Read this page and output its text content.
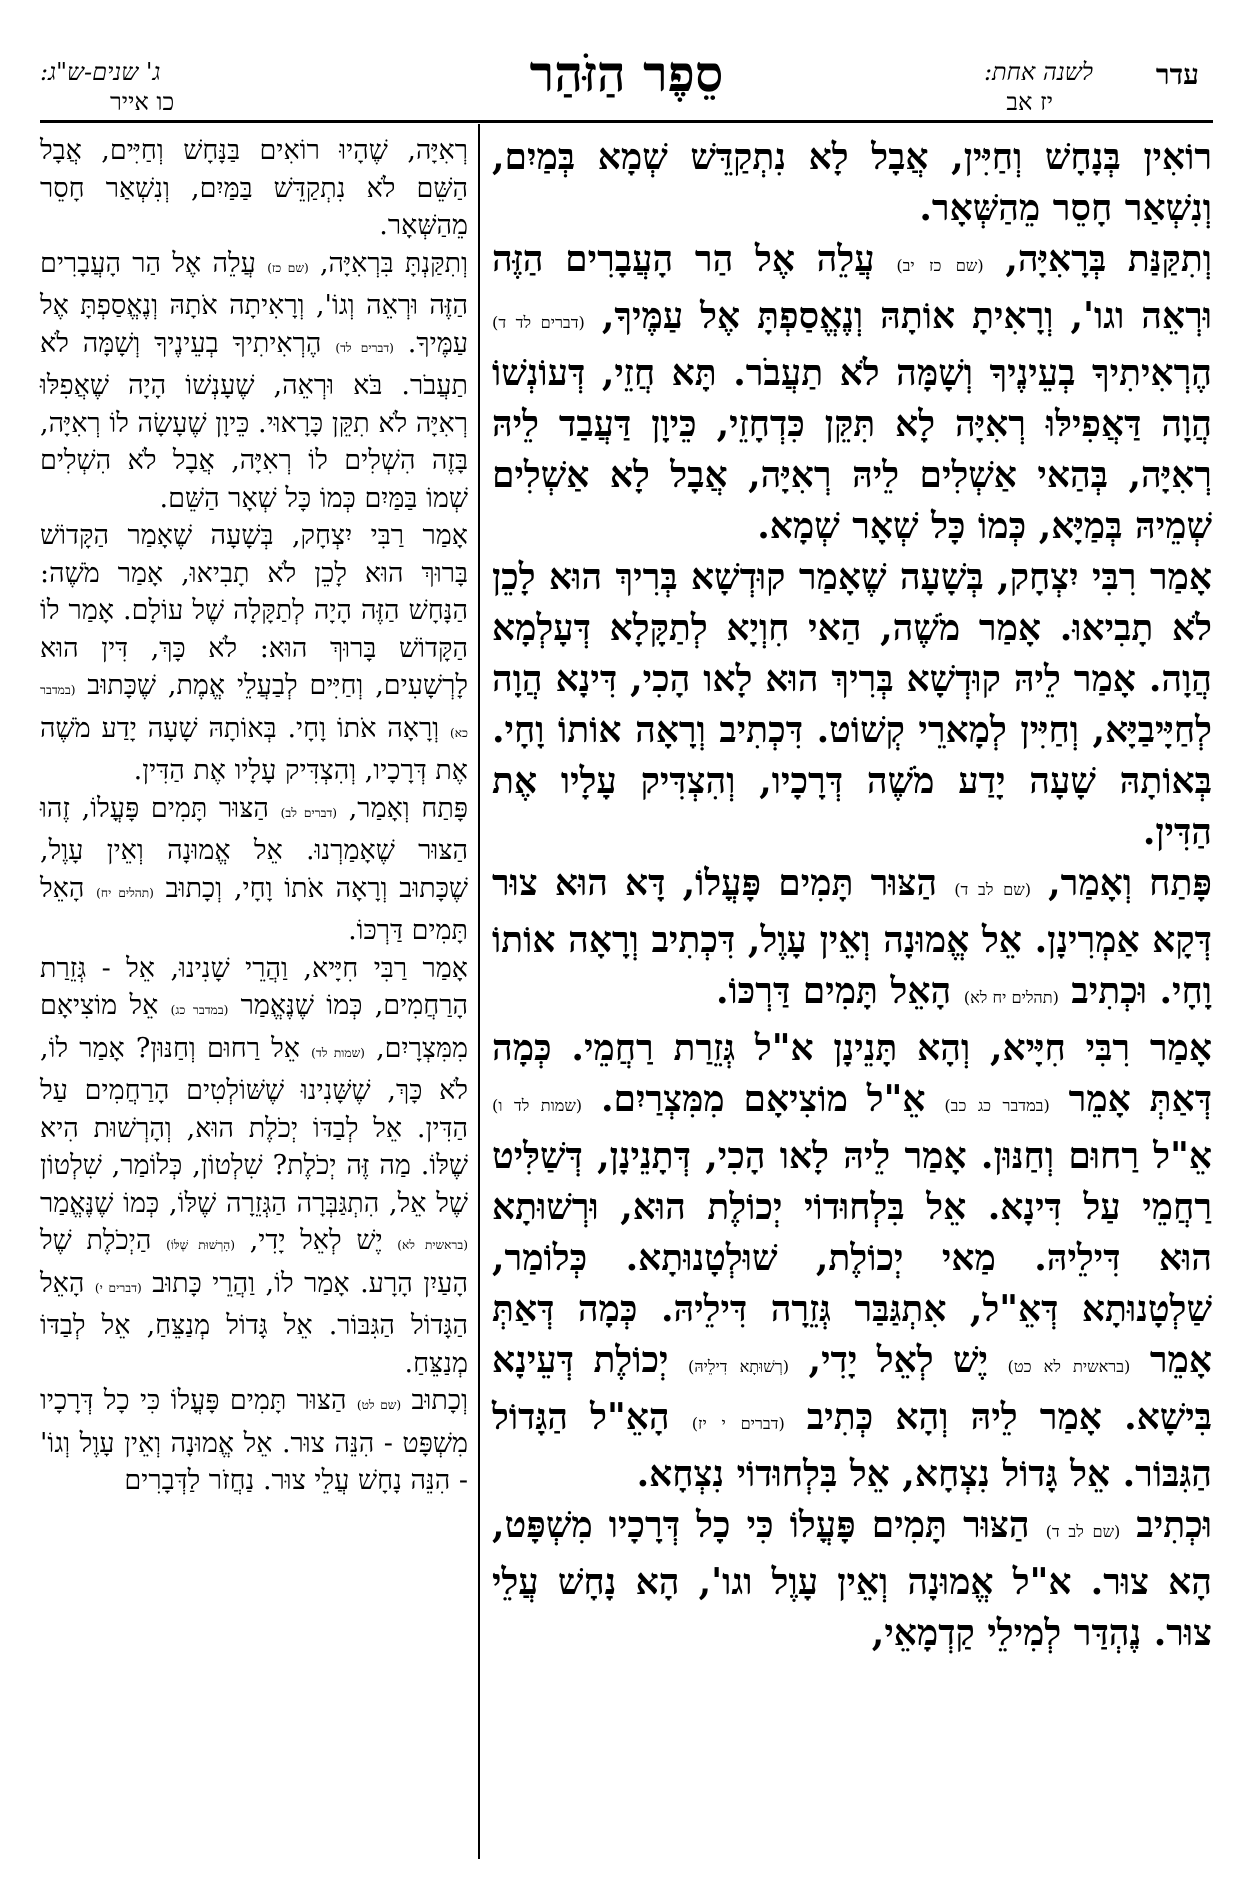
עדר
לשנה אחת:
יז אב
סֵפֶר הַזֹּהַר
ג' שנים-ש"ג:
כו אייר

רוֹאִין בְּנָחָשׁ וְחַיִּין, אֲבָל לָא נִתְקַדֵּשׁ שְׁמָא בְּמַיִם, וְנִשְׁאַר חָסֵר מֵהַשְּׁאָר.

וְתִקַּנַּת בְּרָאִיָּה, (שם כז יב) עֲלֵה אֶל הַר הָעֲבָרִים הַזֶּה וּרְאֵה וגו', וְרָאִיתָ אוֹתָהּ וְנֶאֱסַפְתָּ אֶל עַמֶּיךָ, (דברים לד ד) הֶרְאִיתִיךָ בְעֵינֶיךָ וְשָׁמָּה לֹא תַעֲבֹר. תָּא חֲזֵי, דְּעוֹנְשׁוֹ הֲוָה דַּאֲפִילּוּ רְאִיָּה לָא תִּקֵּן כִּדְחָזֵי, כֵּיוָן דַּעֲבַד לֵיהּ רְאִיָּה, בְּהַאי אַשְׁלִים לֵיהּ רְאִיָּה, אֲבָל לָא אַשְׁלִים שְׁמֵיהּ בְּמַיָּא, כְּמוֹ כָּל שְׁאָר שְׁמָא.

אָמַר רִבִּי יִצְחָק, בְּשָׁעָה שֶׁאָמַר קוּדְשָׁא בְּרִיךְ הוּא לָכֵן לֹא תָבִיאוּ. אָמַר מֹשֶׁה, הַאי חִוְיָא לְתַקָּלָא דְּעָלְמָא הֲוָה. אָמַר לֵיהּ קוּדְשָׁא בְּרִיךְ הוּא לָאו הָכִי, דִּינָא הֲוָה לְחַיָּיבַיָּא, וְחַיִּין לְמָארֵי קְשׁוֹט. דִּכְתִיב וְרָאָה אוֹתוֹ וָחָי. בְּאוֹתָהּ שָׁעָה יָדַע מֹשֶׁה דְּרָכָיו, וְהִצְדִּיק עָלָיו אֶת הַדִּין.

פָּתַח וְאָמַר, (שם לב ד) הַצּוּר תָּמִים פָּעֳלוֹ, דָּא הוּא צוּר דְּקָא אַמְרִינָן. אֵל אֱמוּנָה וְאֵין עָוֶל, דִּכְתִיב וְרָאָה אוֹתוֹ וָחָי. וּכְתִיב (תהלים יח לא) הָאֵל תָּמִים דַּרְכּוֹ.

אָמַר רִבִּי חִיָּיא, וְהָא תָּנֵינָן א"ל גְּזֵרַת רַחֲמֵי. כְּמָה דְּאַתְּ אָמֵר (במדבר כג כב) אֵ"ל מוֹצִיאָם מִמִּצְרַיִם. (שמות לד ו) אֵ"ל רַחוּם וְחַנּוּן. אָמַר לֵיהּ לָאו הָכִי, דְּתָנֵינָן, דְּשַׁלִּיט רַחֲמֵי עַל דִּינָא. אֵל בִּלְחוּדוֹי יְכוֹלֶת הוּא, וּרְשׁוּתָא הוּא דִּילֵיהּ. מַאי יְכוֹלֶת, שׁוּלְטָנוּתָא. כְּלוֹמַר, שַׁלְטָנוּתָא דְּאֵ"ל, אִתְגַּבַּר גְּזֵרָה דִּילֵיהּ. כְּמָה דְּאַתְּ אָמֵר (בראשית לא כט) יֶשׁ לְאֵל יָדִי, (רְשׁוּתָא דִילֵיהּ) יְכוֹלֶת דְּעֵינָא בִּישָׁא. אָמַר לֵיהּ וְהָא כְּתִיב (דברים י יז) הָאֵ"ל הַגָּדוֹל הַגִּבּוֹר. אֵל גָּדוֹל נִצְחָא, אֵל בִּלְחוּדוֹי נִצְחָא.

וּכְתִיב (שם לב ד) הַצּוּר תָּמִים פָּעֳלוֹ כִּי כָל דְּרָכָיו מִשְׁפָּט, הָא צוּר. א"ל אֱמוּנָה וְאֵין עָוֶל וגו', הָא נָחָשׁ עֲלֵי צוּר. נֶהְדַּר לְמִילֵי קַדְמָאֵי,

רְאִיָּה, שֶׁהָיוּ רוֹאִים בַּנָּחָשׁ וְחַיִּים, אֲבָל הַשֵּׁם לֹא נִתְקַדֵּשׁ בַּמַּיִם, וְנִשְׁאַר חָסֵר מֵהַשְּׁאָר.

וְתִקַּנְתָּ בִּרְאִיָּה, (שם כז) עֲלֵה אֶל הַר הָעֲבָרִים הַזֶּה וּרְאֵה וְגוֹ', וְרָאִיתָה אֹתָהּ וְנֶאֱסַפְתָּ אֶל עַמֶּיךָ. (דברים לד) הֶרְאִיתִיךָ בְעֵינֶיךָ וְשָׁמָּה לֹא תַעֲבֹר. בֹּא וּרְאֵה, שֶׁעָנְשׁוֹ הָיָה שֶׁאֲפִלּוּ רְאִיָּה לֹא תִקֵּן כָּרָאוּי. כֵּיוָן שֶׁעָשָׂה לוֹ רְאִיָּה, בָּזֶה הִשְׁלִים לוֹ רְאִיָּה, אֲבָל לֹא הִשְׁלִים שְׁמוֹ בַּמַּיִם כְּמוֹ כָּל שְׁאָר הַשֵּׁם.

אָמַר רַבִּי יִצְחָק, בְּשָׁעָה שֶׁאָמַר הַקָּדוֹשׁ בָּרוּךְ הוּא לָכֵן לֹא תָבִיאוּ, אָמַר מֹשֶׁה: הַנָּחָשׁ הַזֶּה הָיָה לְתַקָּלָה שֶׁל עוֹלָם. אָמַר לוֹ הַקָּדוֹשׁ בָּרוּךְ הוּא: לֹא כָּךְ, דִּין הוּא לָרְשָׁעִים, וְחַיִּים לְבַעֲלֵי אֱמֶת, שֶׁכָּתוּב (במדבר כא) וְרָאָה אֹתוֹ וָחָי. בְּאוֹתָהּ שָׁעָה יָדַע מֹשֶׁה אֶת דְּרָכָיו, וְהִצְדִּיק עָלָיו אֶת הַדִּין.

פָּתַח וְאָמַר, (דברים לב) הַצּוּר תָּמִים פָּעֳלוֹ, זֶהוּ הַצּוּר שֶׁאָמַרְנוּ. אֵל אֱמוּנָה וְאֵין עָוֶל, שֶׁכָּתוּב וְרָאָה אֹתוֹ וָחָי, וְכָתוּב (תהלים יח) הָאֵל תָּמִים דַּרְכּוֹ.

אָמַר רַבִּי חִיָּיא, וַהֲרֵי שָׁנִינוּ, אֵל - גְּזֵרַת הָרַחֲמִים, כְּמוֹ שֶׁנֶּאֱמַר (במדבר כג) אֵל מוֹצִיאָם מִמִּצְרָיִם, (שמות לד) אֵל רַחוּם וְחַנּוּן? אָמַר לוֹ, לֹא כָּךְ, שֶׁשָּׁנִינוּ שֶׁשּׁוֹלְטִים הָרַחֲמִים עַל הַדִּין. אֵל לְבַדּוֹ יְכֹלֶת הוּא, וְהָרְשׁוּת הִיא שֶׁלּוֹ. מַה זֶּה יְכֹלֶת? שִׁלְטוֹן, כְּלוֹמַר, שִׁלְטוֹן שֶׁל אֵל, הִתְגַּבְּרָה הַגְּזֵרָה שֶׁלּוֹ, כְּמוֹ שֶׁנֶּאֱמַר (בראשית לא) יֶשׁ לְאֵל יָדִי, (הָרְשׁוּת שֶׁלּוֹ) הַיְכֹלֶת שֶׁל הָעַיִן הָרָע. אָמַר לוֹ, וַהֲרֵי כָּתוּב (דברים י) הָאֵל הַגָּדוֹל הַגִּבּוֹר. אֵל גָּדוֹל מְנַצֵּחַ, אֵל לְבַדּוֹ מְנַצֵּחַ.

וְכָתוּב (שם לט) הַצּוּר תָּמִים פָּעֳלוֹ כִּי כָל דְּרָכָיו מִשְׁפָּט - הִנֵּה צוּר. אֵל אֱמוּנָה וְאֵין עָוֶל וְגוֹ' - הִנֵּה נָחָשׁ עֲלֵי צוּר. נַחֲזֹר לַדְּבָרִים
